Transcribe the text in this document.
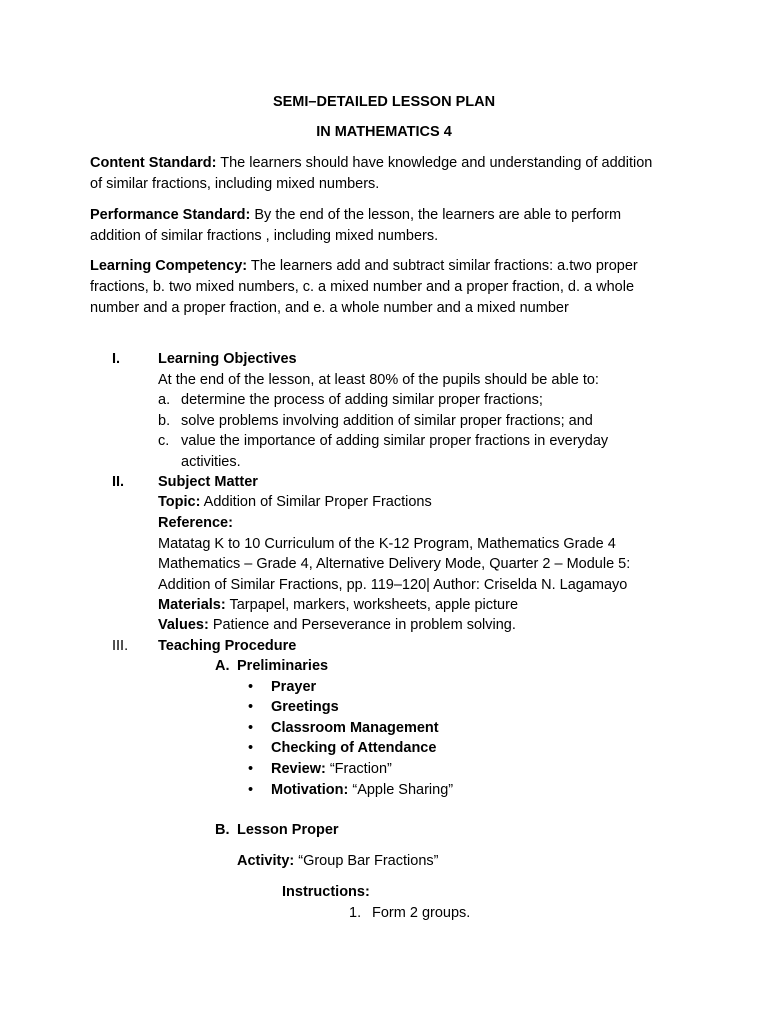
SEMI–DETAILED LESSON PLAN
IN MATHEMATICS 4
Content Standard: The learners should have knowledge and understanding of addition
of similar fractions, including mixed numbers.
Performance Standard: By the end of the lesson, the learners are able to perform
addition of similar fractions , including mixed numbers.
Learning Competency: The learners add and subtract similar fractions: a.two proper
fractions, b. two mixed numbers, c. a mixed number and a proper fraction, d. a whole
number and a proper fraction, and e. a whole number and a mixed number
I.	Learning Objectives
At the end of the lesson, at least 80% of the pupils should be able to:
a. determine the process of adding similar proper fractions;
b. solve problems involving addition of similar proper fractions; and
c. value the importance of adding similar proper fractions in everyday
activities.
II. Subject Matter
Topic: Addition of Similar Proper Fractions
Reference:
Matatag K to 10 Curriculum of the K-12 Program, Mathematics Grade 4
Mathematics – Grade 4, Alternative Delivery Mode, Quarter 2 – Module 5:
Addition of Similar Fractions, pp. 119–120| Author: Criselda N. Lagamayo
Materials: Tarpapel, markers, worksheets, apple picture
Values: Patience and Perseverance in problem solving.
III. Teaching Procedure
A. Preliminaries
• Prayer
• Greetings
• Classroom Management
• Checking of Attendance
• Review: “Fraction”
• Motivation: “Apple Sharing”
B. Lesson Proper
Activity: “Group Bar Fractions”
Instructions:
1. Form 2 groups.
